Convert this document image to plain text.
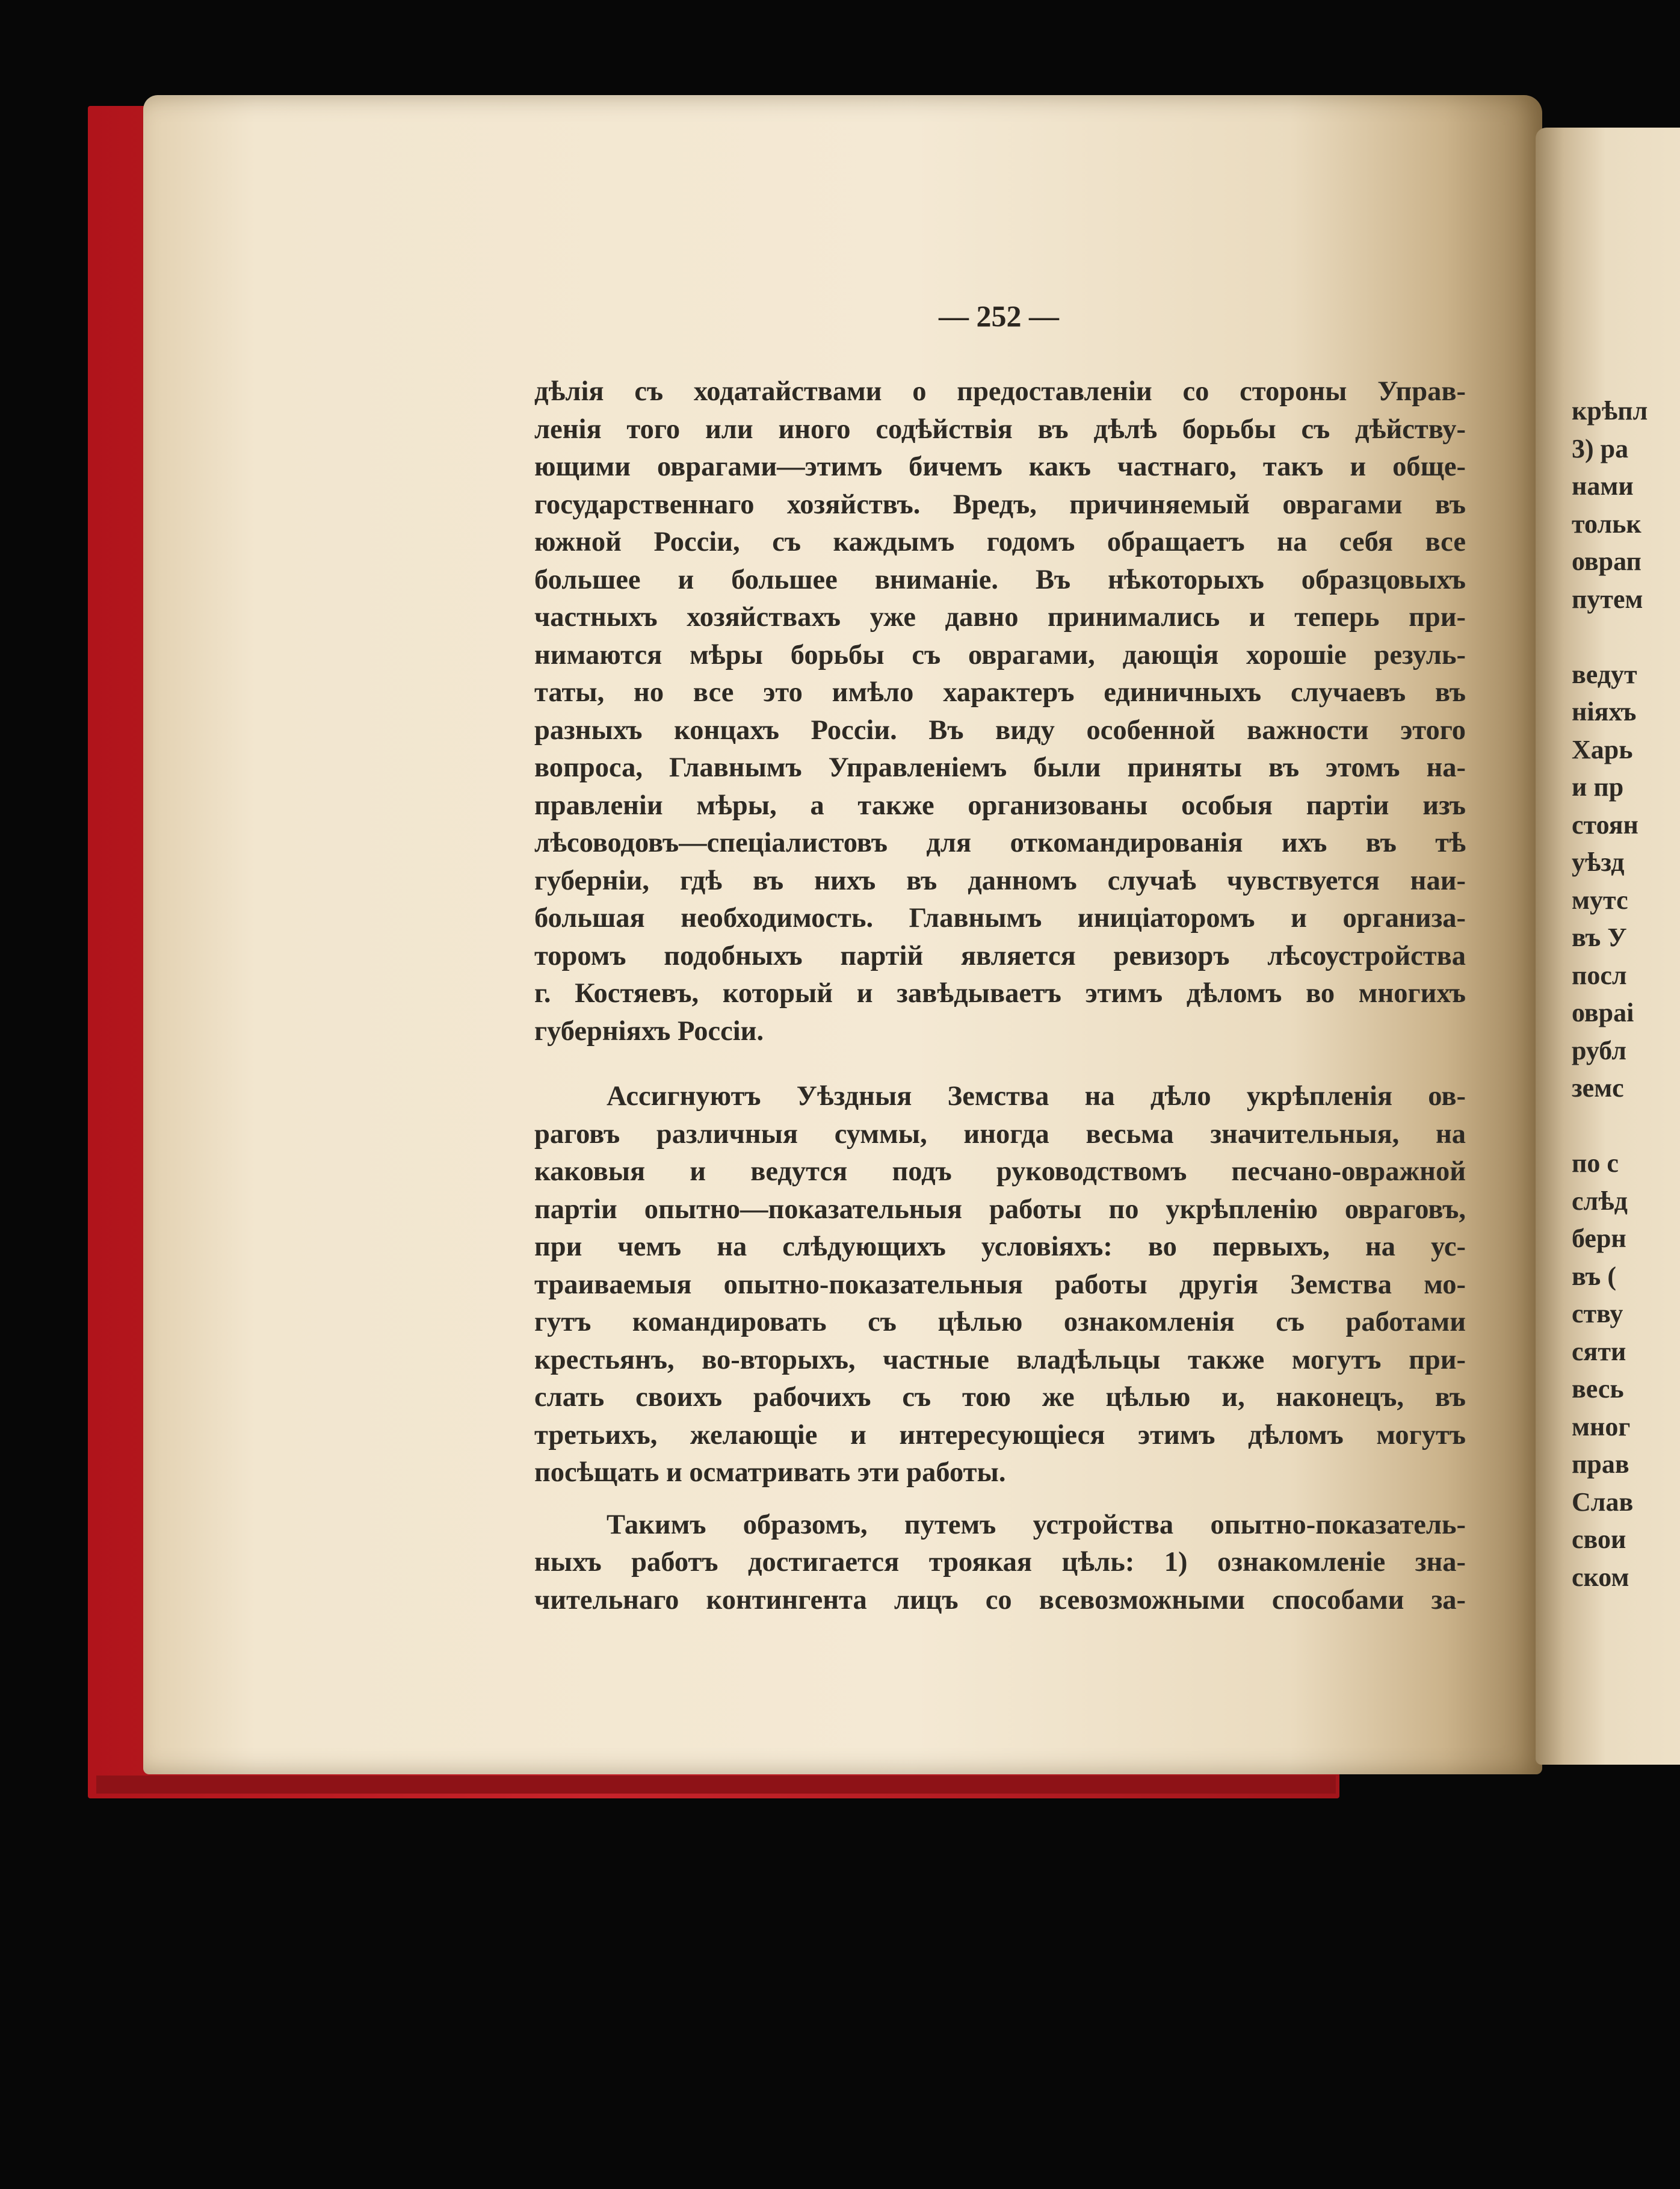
— 252 —
дѣлія съ ходатайствами о предоставленіи со стороны Управ-
ленія того или иного содѣйствія въ дѣлѣ борьбы съ дѣйству-
ющими оврагами—этимъ бичемъ какъ частнаго, такъ и обще-
государственнаго хозяйствъ. Вредъ, причиняемый оврагами въ
южной Россіи, съ каждымъ годомъ обращаетъ на себя все
большее и большее вниманіе. Въ нѣкоторыхъ образцовыхъ
частныхъ хозяйствахъ уже давно принимались и теперь при-
нимаются мѣры борьбы съ оврагами, дающія хорошіе резуль-
таты, но все это имѣло характеръ единичныхъ случаевъ въ
разныхъ концахъ Россіи. Въ виду особенной важности этого
вопроса, Главнымъ Управленіемъ были приняты въ этомъ на-
правленіи мѣры, а также организованы особыя партіи изъ
лѣсоводовъ—спеціалистовъ для откомандированія ихъ въ тѣ
губерніи, гдѣ въ нихъ въ данномъ случаѣ чувствуется наи-
большая необходимость. Главнымъ иниціаторомъ и организа-
торомъ подобныхъ партій является ревизоръ лѣсоустройства
г. Костяевъ, который и завѣдываетъ этимъ дѣломъ во многихъ
губерніяхъ Россіи.
Ассигнуютъ Уѣздныя Земства на дѣло укрѣпленія ов-
раговъ различныя суммы, иногда весьма значительныя, на
каковыя и ведутся подъ руководствомъ песчано-овражной
партіи опытно—показательныя работы по укрѣпленію овраговъ,
при чемъ на слѣдующихъ условіяхъ: во первыхъ, на ус-
траиваемыя опытно-показательныя работы другія Земства мо-
гутъ командировать съ цѣлью ознакомленія съ работами
крестьянъ, во-вторыхъ, частные владѣльцы также могутъ при-
слать своихъ рабочихъ съ тою же цѣлью и, наконецъ, въ
третьихъ, желающіе и интересующіеся этимъ дѣломъ могутъ
посѣщать и осматривать эти работы.
Такимъ образомъ, путемъ устройства опытно-показатель-
ныхъ работъ достигается троякая цѣль: 1) ознакомленіе зна-
чительнаго контингента лицъ со всевозможными способами за-
крѣпл
3) ра
нами
тольк
оврап
путем
ведут
ніяхъ
Харь
и пр
стоян
уѣзд
мутс
въ У
посл
овраі
рубл
земс
по с
слѣд
берн
въ (
ству
сяти
весь
мног
прав
Слав
свои
ском
